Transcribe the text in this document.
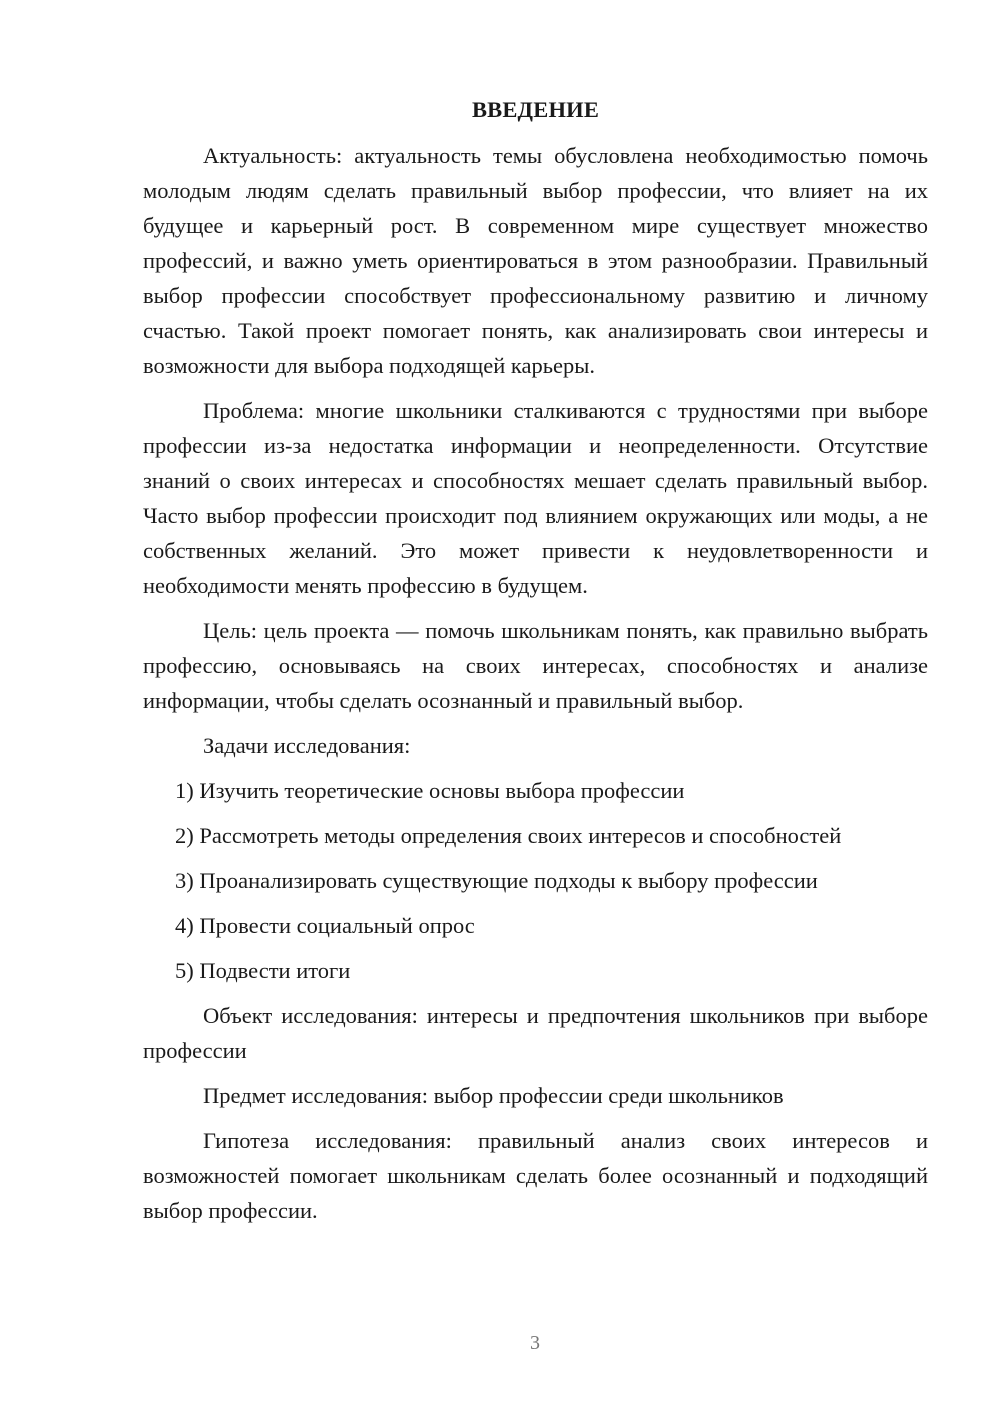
ВВЕДЕНИЕ

Актуальность: актуальность темы обусловлена необходимостью помочь молодым людям сделать правильный выбор профессии, что влияет на их будущее и карьерный рост. В современном мире существует множество профессий, и важно уметь ориентироваться в этом разнообразии. Правильный выбор профессии способствует профессиональному развитию и личному счастью. Такой проект помогает понять, как анализировать свои интересы и возможности для выбора подходящей карьеры.

Проблема: многие школьники сталкиваются с трудностями при выборе профессии из-за недостатка информации и неопределенности. Отсутствие знаний о своих интересах и способностях мешает сделать правильный выбор. Часто выбор профессии происходит под влиянием окружающих или моды, а не собственных желаний. Это может привести к неудовлетворенности и необходимости менять профессию в будущем.

Цель: цель проекта — помочь школьникам понять, как правильно выбрать профессию, основываясь на своих интересах, способностях и анализе информации, чтобы сделать осознанный и правильный выбор.

Задачи исследования:

1) Изучить теоретические основы выбора профессии
2) Рассмотреть методы определения своих интересов и способностей
3) Проанализировать существующие подходы к выбору профессии
4) Провести социальный опрос
5) Подвести итоги

Объект исследования: интересы и предпочтения школьников при выборе профессии

Предмет исследования: выбор профессии среди школьников

Гипотеза исследования: правильный анализ своих интересов и возможностей помогает школьникам сделать более осознанный и подходящий выбор профессии.

3
